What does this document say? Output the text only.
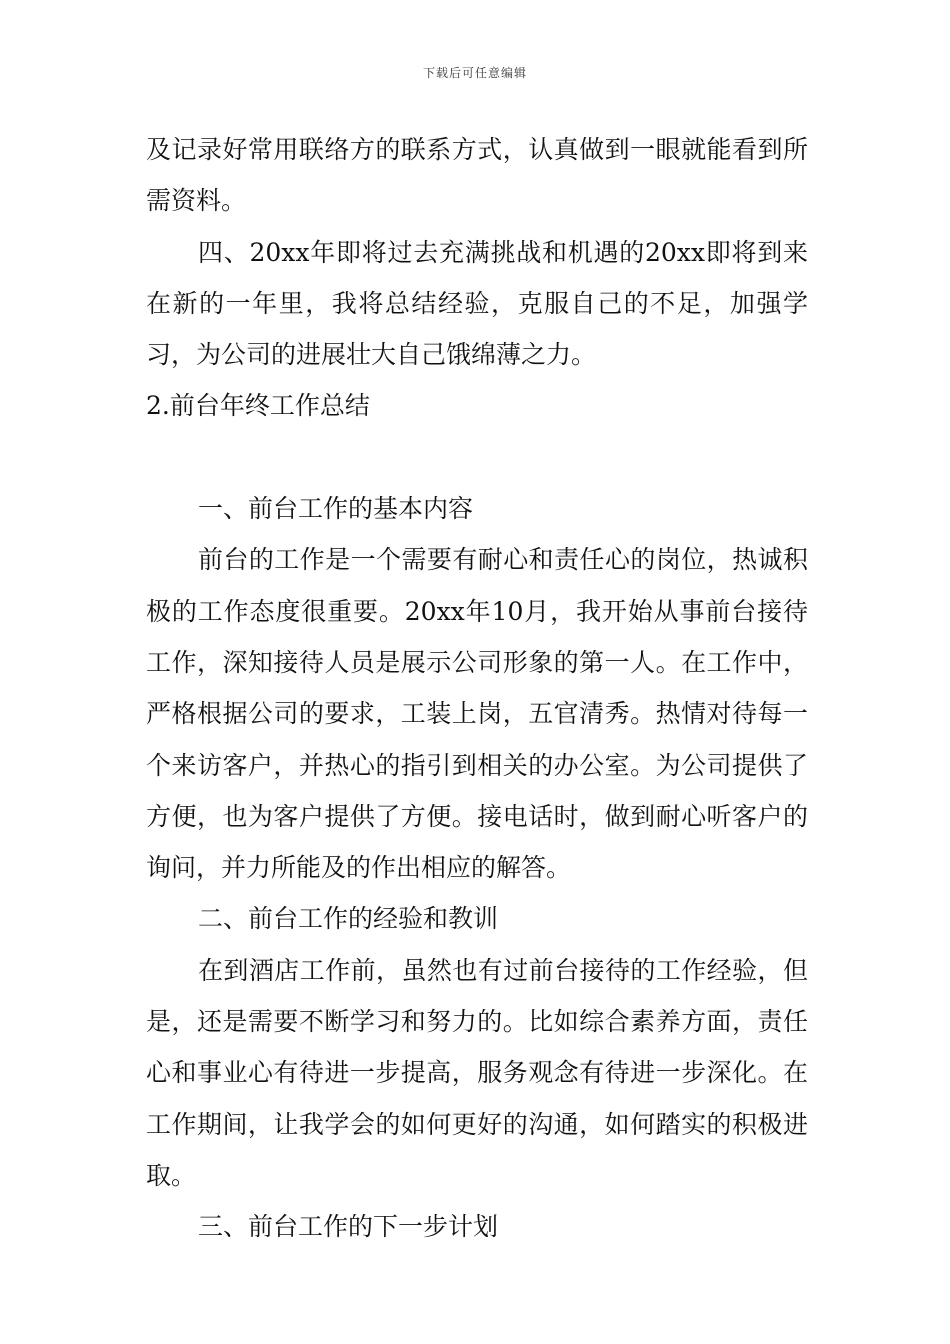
下载后可任意编辑

及记录好常用联络方的联系方式，认真做到一眼就能看到所需资料。

四、20xx年即将过去充满挑战和机遇的20xx即将到来在新的一年里，我将总结经验，克服自己的不足，加强学习，为公司的进展壮大自己饿绵薄之力。

2.前台年终工作总结

一、前台工作的基本内容

前台的工作是一个需要有耐心和责任心的岗位，热诚积极的工作态度很重要。20xx年10月，我开始从事前台接待工作，深知接待人员是展示公司形象的第一人。在工作中，严格根据公司的要求，工装上岗，五官清秀。热情对待每一个来访客户，并热心的指引到相关的办公室。为公司提供了方便，也为客户提供了方便。接电话时，做到耐心听客户的询问，并力所能及的作出相应的解答。

二、前台工作的经验和教训

在到酒店工作前，虽然也有过前台接待的工作经验，但是，还是需要不断学习和努力的。比如综合素养方面，责任心和事业心有待进一步提高，服务观念有待进一步深化。在工作期间，让我学会的如何更好的沟通，如何踏实的积极进取。

三、前台工作的下一步计划
